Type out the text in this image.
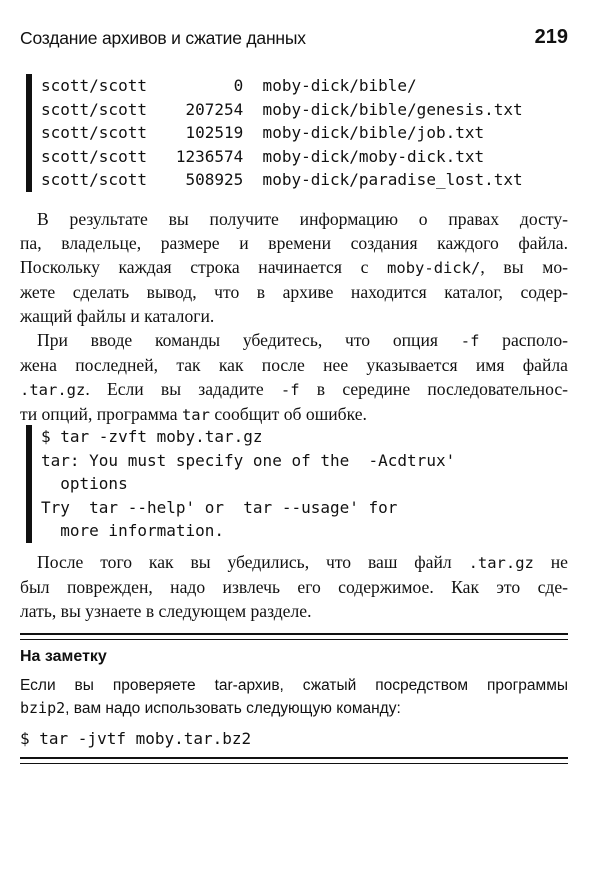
Создание архивов и сжатие данных	219
scott/scott         0  moby-dick/bible/
scott/scott    207254  moby-dick/bible/genesis.txt
scott/scott    102519  moby-dick/bible/job.txt
scott/scott   1236574  moby-dick/moby-dick.txt
scott/scott    508925  moby-dick/paradise_lost.txt
В результате вы получите информацию о правах досту-
па, владельце, размере и времени создания каждого файла.
Поскольку каждая строка начинается с moby-dick/, вы мо-
жете сделать вывод, что в архиве находится каталог, содер-
жащий файлы и каталоги.
При вводе команды убедитесь, что опция -f располо-
жена последней, так как после нее указывается имя файла
.tar.gz. Если вы зададите -f в середине последовательнос-
ти опций, программа tar сообщит об ошибке.
$ tar -zvft moby.tar.gz
tar: You must specify one of the  -Acdtrux'
options
Try  tar --help' or  tar --usage' for
more information.
После того как вы убедились, что ваш файл .tar.gz не
был поврежден, надо извлечь его содержимое. Как это сде-
лать, вы узнаете в следующем разделе.
На заметку
Если вы проверяете tar-архив, сжатый посредством программы
bzip2, вам надо использовать следующую команду:
$ tar -jvtf moby.tar.bz2
